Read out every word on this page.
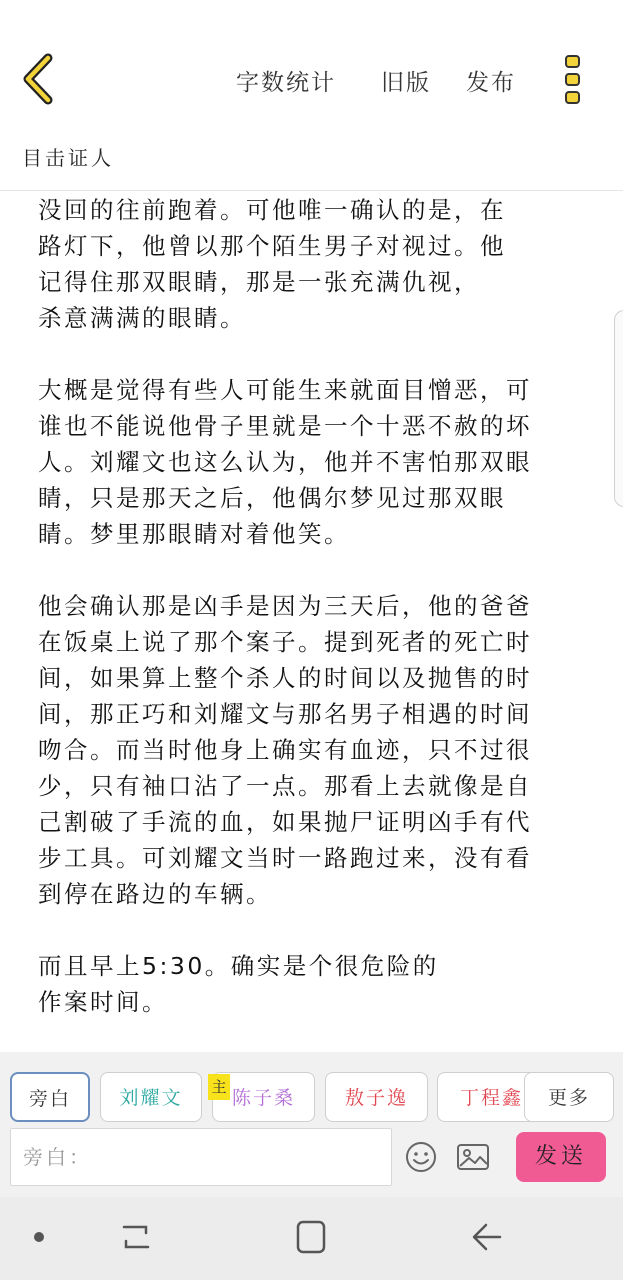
字数统计 旧版 发布
目击证人

没回的往前跑着。可他唯一确认的是，在
路灯下，他曾以那个陌生男子对视过。他
记得住那双眼睛，那是一张充满仇视，
杀意满满的眼睛。

大概是觉得有些人可能生来就面目憎恶，可
谁也不能说他骨子里就是一个十恶不赦的坏
人。刘耀文也这么认为，他并不害怕那双眼
睛，只是那天之后，他偶尔梦见过那双眼
睛。梦里那眼睛对着他笑。

他会确认那是凶手是因为三天后，他的爸爸
在饭桌上说了那个案子。提到死者的死亡时
间，如果算上整个杀人的时间以及抛售的时
间，那正巧和刘耀文与那名男子相遇的时间
吻合。而当时他身上确实有血迹，只不过很
少，只有袖口沾了一点。那看上去就像是自
己割破了手流的血，如果抛尸证明凶手有代
步工具。可刘耀文当时一路跑过来，没有看
到停在路边的车辆。

而且早上5:30。确实是个很危险的
作案时间。

旁白	刘耀文	陈子桑
主	敖子逸	丁程鑫	更多
旁白：
发送
